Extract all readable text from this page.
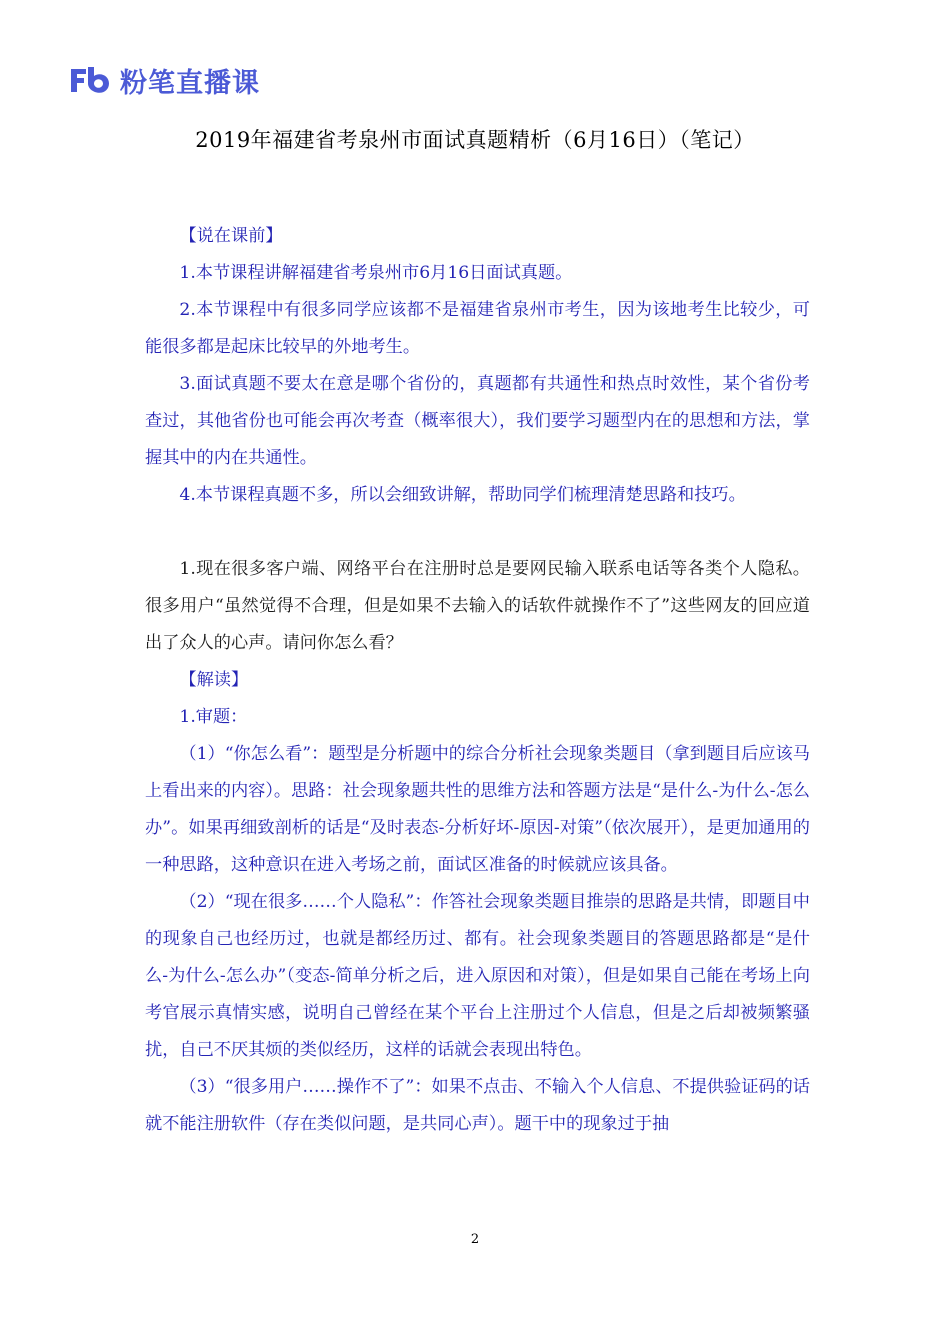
粉笔直播课
2019年福建省考泉州市面试真题精析（6月16日）（笔记）

【说在课前】

1.本节课程讲解福建省考泉州市6月16日面试真题。

2.本节课程中有很多同学应该都不是福建省泉州市考生，因为该地考生比较少，可能很多都是起床比较早的外地考生。

3.面试真题不要太在意是哪个省份的，真题都有共通性和热点时效性，某个省份考查过，其他省份也可能会再次考查（概率很大），我们要学习题型内在的思想和方法，掌握其中的内在共通性。

4.本节课程真题不多，所以会细致讲解，帮助同学们梳理清楚思路和技巧。

1.现在很多客户端、网络平台在注册时总是要网民输入联系电话等各类个人隐私。很多用户“虽然觉得不合理，但是如果不去输入的话软件就操作不了”这些网友的回应道出了众人的心声。请问你怎么看？

【解读】

1.审题：

（1）“你怎么看”：题型是分析题中的综合分析社会现象类题目（拿到题目后应该马上看出来的内容）。思路：社会现象题共性的思维方法和答题方法是“是什么-为什么-怎么办”。如果再细致剖析的话是“及时表态-分析好坏-原因-对策”（依次展开），是更加通用的一种思路，这种意识在进入考场之前，面试区准备的时候就应该具备。

（2）“现在很多……个人隐私”：作答社会现象类题目推崇的思路是共情，即题目中的现象自己也经历过，也就是都经历过、都有。社会现象类题目的答题思路都是“是什么-为什么-怎么办”（变态-简单分析之后，进入原因和对策），但是如果自己能在考场上向考官展示真情实感，说明自己曾经在某个平台上注册过个人信息，但是之后却被频繁骚扰，自己不厌其烦的类似经历，这样的话就会表现出特色。

（3）“很多用户……操作不了”：如果不点击、不输入个人信息、不提供验证码的话就不能注册软件（存在类似问题，是共同心声）。题干中的现象过于抽

2
